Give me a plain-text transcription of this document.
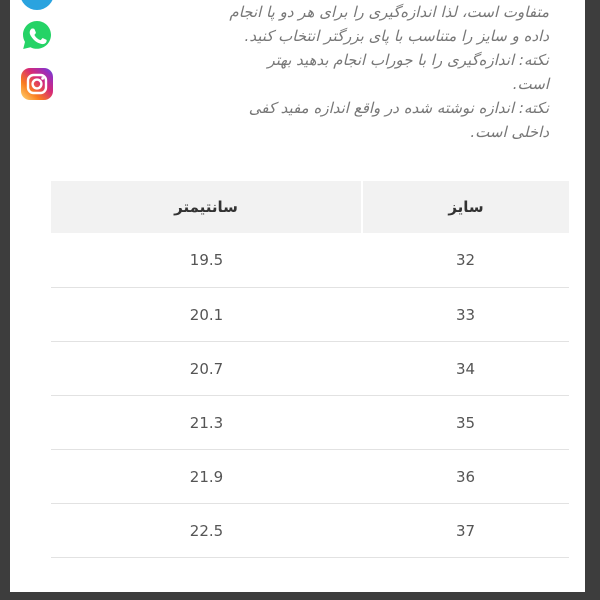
متفاوت است، لذا اندازه‌گیری را برای هر دو پا انجام

داده و سایز را متناسب با پای بزرگتر انتخاب کنید.

نکته: اندازه‌گیری را با جوراب انجام بدهید بهتر

است.

نکته: اندازه نوشته شده در واقع اندازه مفید کفی

داخلی است.

سایز	سانتیمتر
32	19.5
33	20.1
34	20.7
35	21.3
36	21.9
37	22.5
